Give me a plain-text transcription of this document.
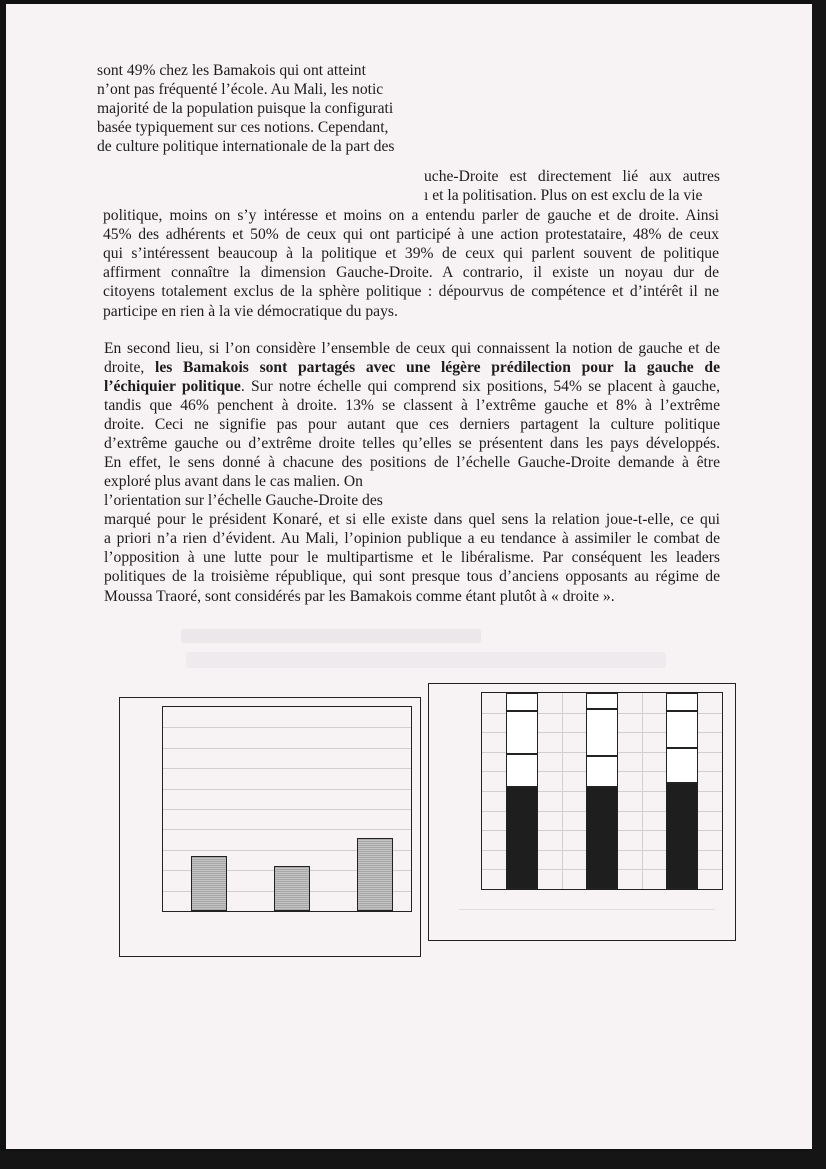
sont 49% chez les Bamakois qui ont atteint
n’ont pas fréquenté l’école. Au Mali, les notic
majorité de la population puisque la configurati
basée typiquement sur ces notions. Cependant,
de culture politique internationale de la part des
uche-Droite est directement lié aux autres
ı et la politisation. Plus on est exclu de la vie
politique, moins on s’y intéresse et moins on a entendu parler de gauche et de droite. Ainsi
45% des adhérents et 50% de ceux qui ont participé à une action protestataire, 48% de ceux
qui s’intéressent beaucoup à la politique et 39% de ceux qui parlent souvent de politique
affirment connaître la dimension Gauche-Droite. A contrario, il existe un noyau dur de
citoyens totalement exclus de la sphère politique : dépourvus de compétence et d’intérêt il ne
participe en rien à la vie démocratique du pays.
En second lieu, si l’on considère l’ensemble de ceux qui connaissent la notion de gauche et de
droite, les Bamakois sont partagés avec une légère prédilection pour la gauche de
l’échiquier politique. Sur notre échelle qui comprend six positions, 54% se placent à gauche,
tandis que 46% penchent à droite. 13% se classent à l’extrême gauche et 8% à l’extrême
droite. Ceci ne signifie pas pour autant que ces derniers partagent la culture politique
d’extrême gauche ou d’extrême droite telles qu’elles se présentent dans les pays développés.
En effet, le sens donné à chacune des positions de l’échelle Gauche-Droite demande à être
exploré plus avant dans le cas malien. On
l’orientation sur l’échelle Gauche-Droite des
marqué pour le président Konaré, et si elle existe dans quel sens la relation joue-t-elle, ce qui
a priori n’a rien d’évident. Au Mali, l’opinion publique a eu tendance à assimiler le combat de
l’opposition à une lutte pour le multipartisme et le libéralisme. Par conséquent les leaders
politiques de la troisième république, qui sont presque tous d’anciens opposants au régime de
Moussa Traoré, sont considérés par les Bamakois comme étant plutôt à « droite ».
